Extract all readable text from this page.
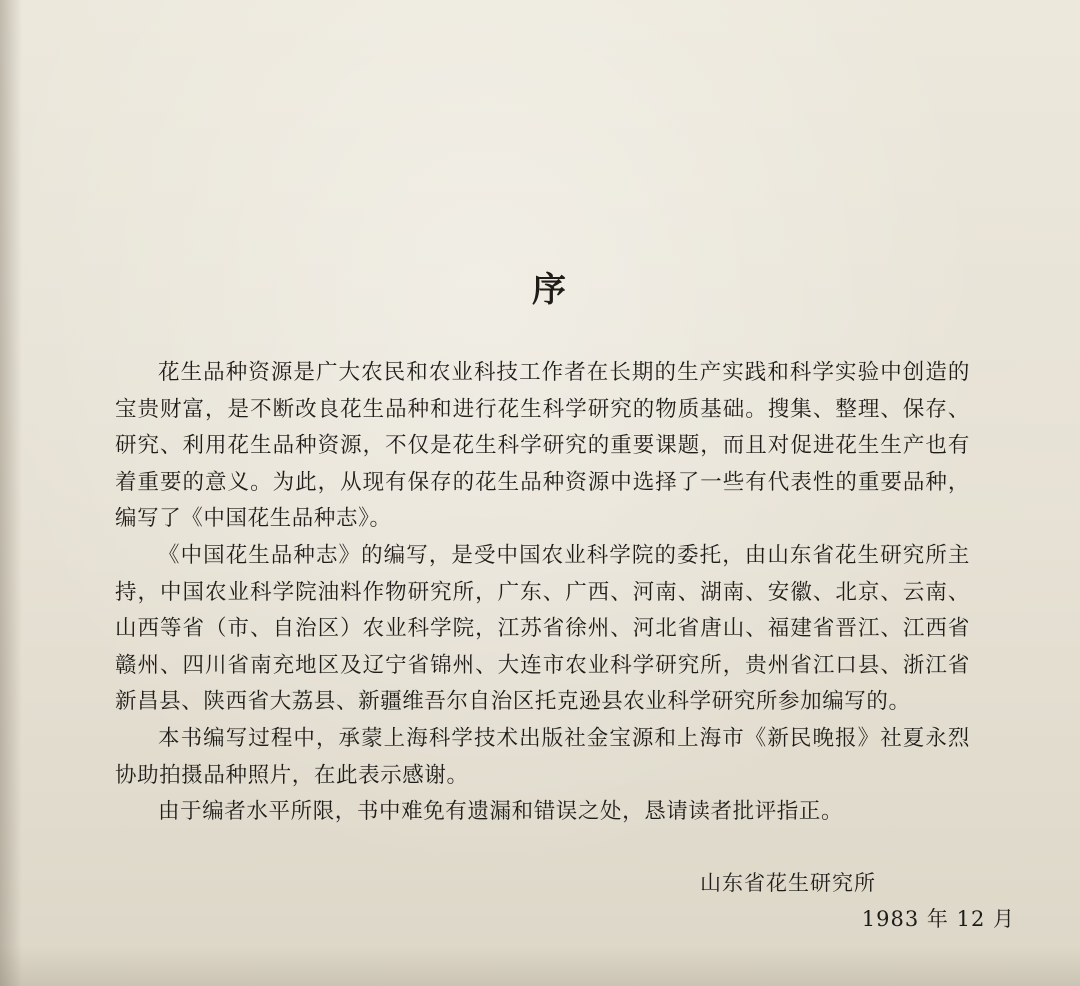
序

花生品种资源是广大农民和农业科技工作者在长期的生产实践和科学实验中创造的宝贵财富，是不断改良花生品种和进行花生科学研究的物质基础。搜集、整理、保存、研究、利用花生品种资源，不仅是花生科学研究的重要课题，而且对促进花生生产也有着重要的意义。为此，从现有保存的花生品种资源中选择了一些有代表性的重要品种，编写了《中国花生品种志》。

《中国花生品种志》的编写，是受中国农业科学院的委托，由山东省花生研究所主持，中国农业科学院油料作物研究所，广东、广西、河南、湖南、安徽、北京、云南、山西等省（市、自治区）农业科学院，江苏省徐州、河北省唐山、福建省晋江、江西省赣州、四川省南充地区及辽宁省锦州、大连市农业科学研究所，贵州省江口县、浙江省新昌县、陕西省大荔县、新疆维吾尔自治区托克逊县农业科学研究所参加编写的。

本书编写过程中，承蒙上海科学技术出版社金宝源和上海市《新民晚报》社夏永烈协助拍摄品种照片，在此表示感谢。

由于编者水平所限，书中难免有遗漏和错误之处，恳请读者批评指正。

山东省花生研究所
1983 年 12 月
